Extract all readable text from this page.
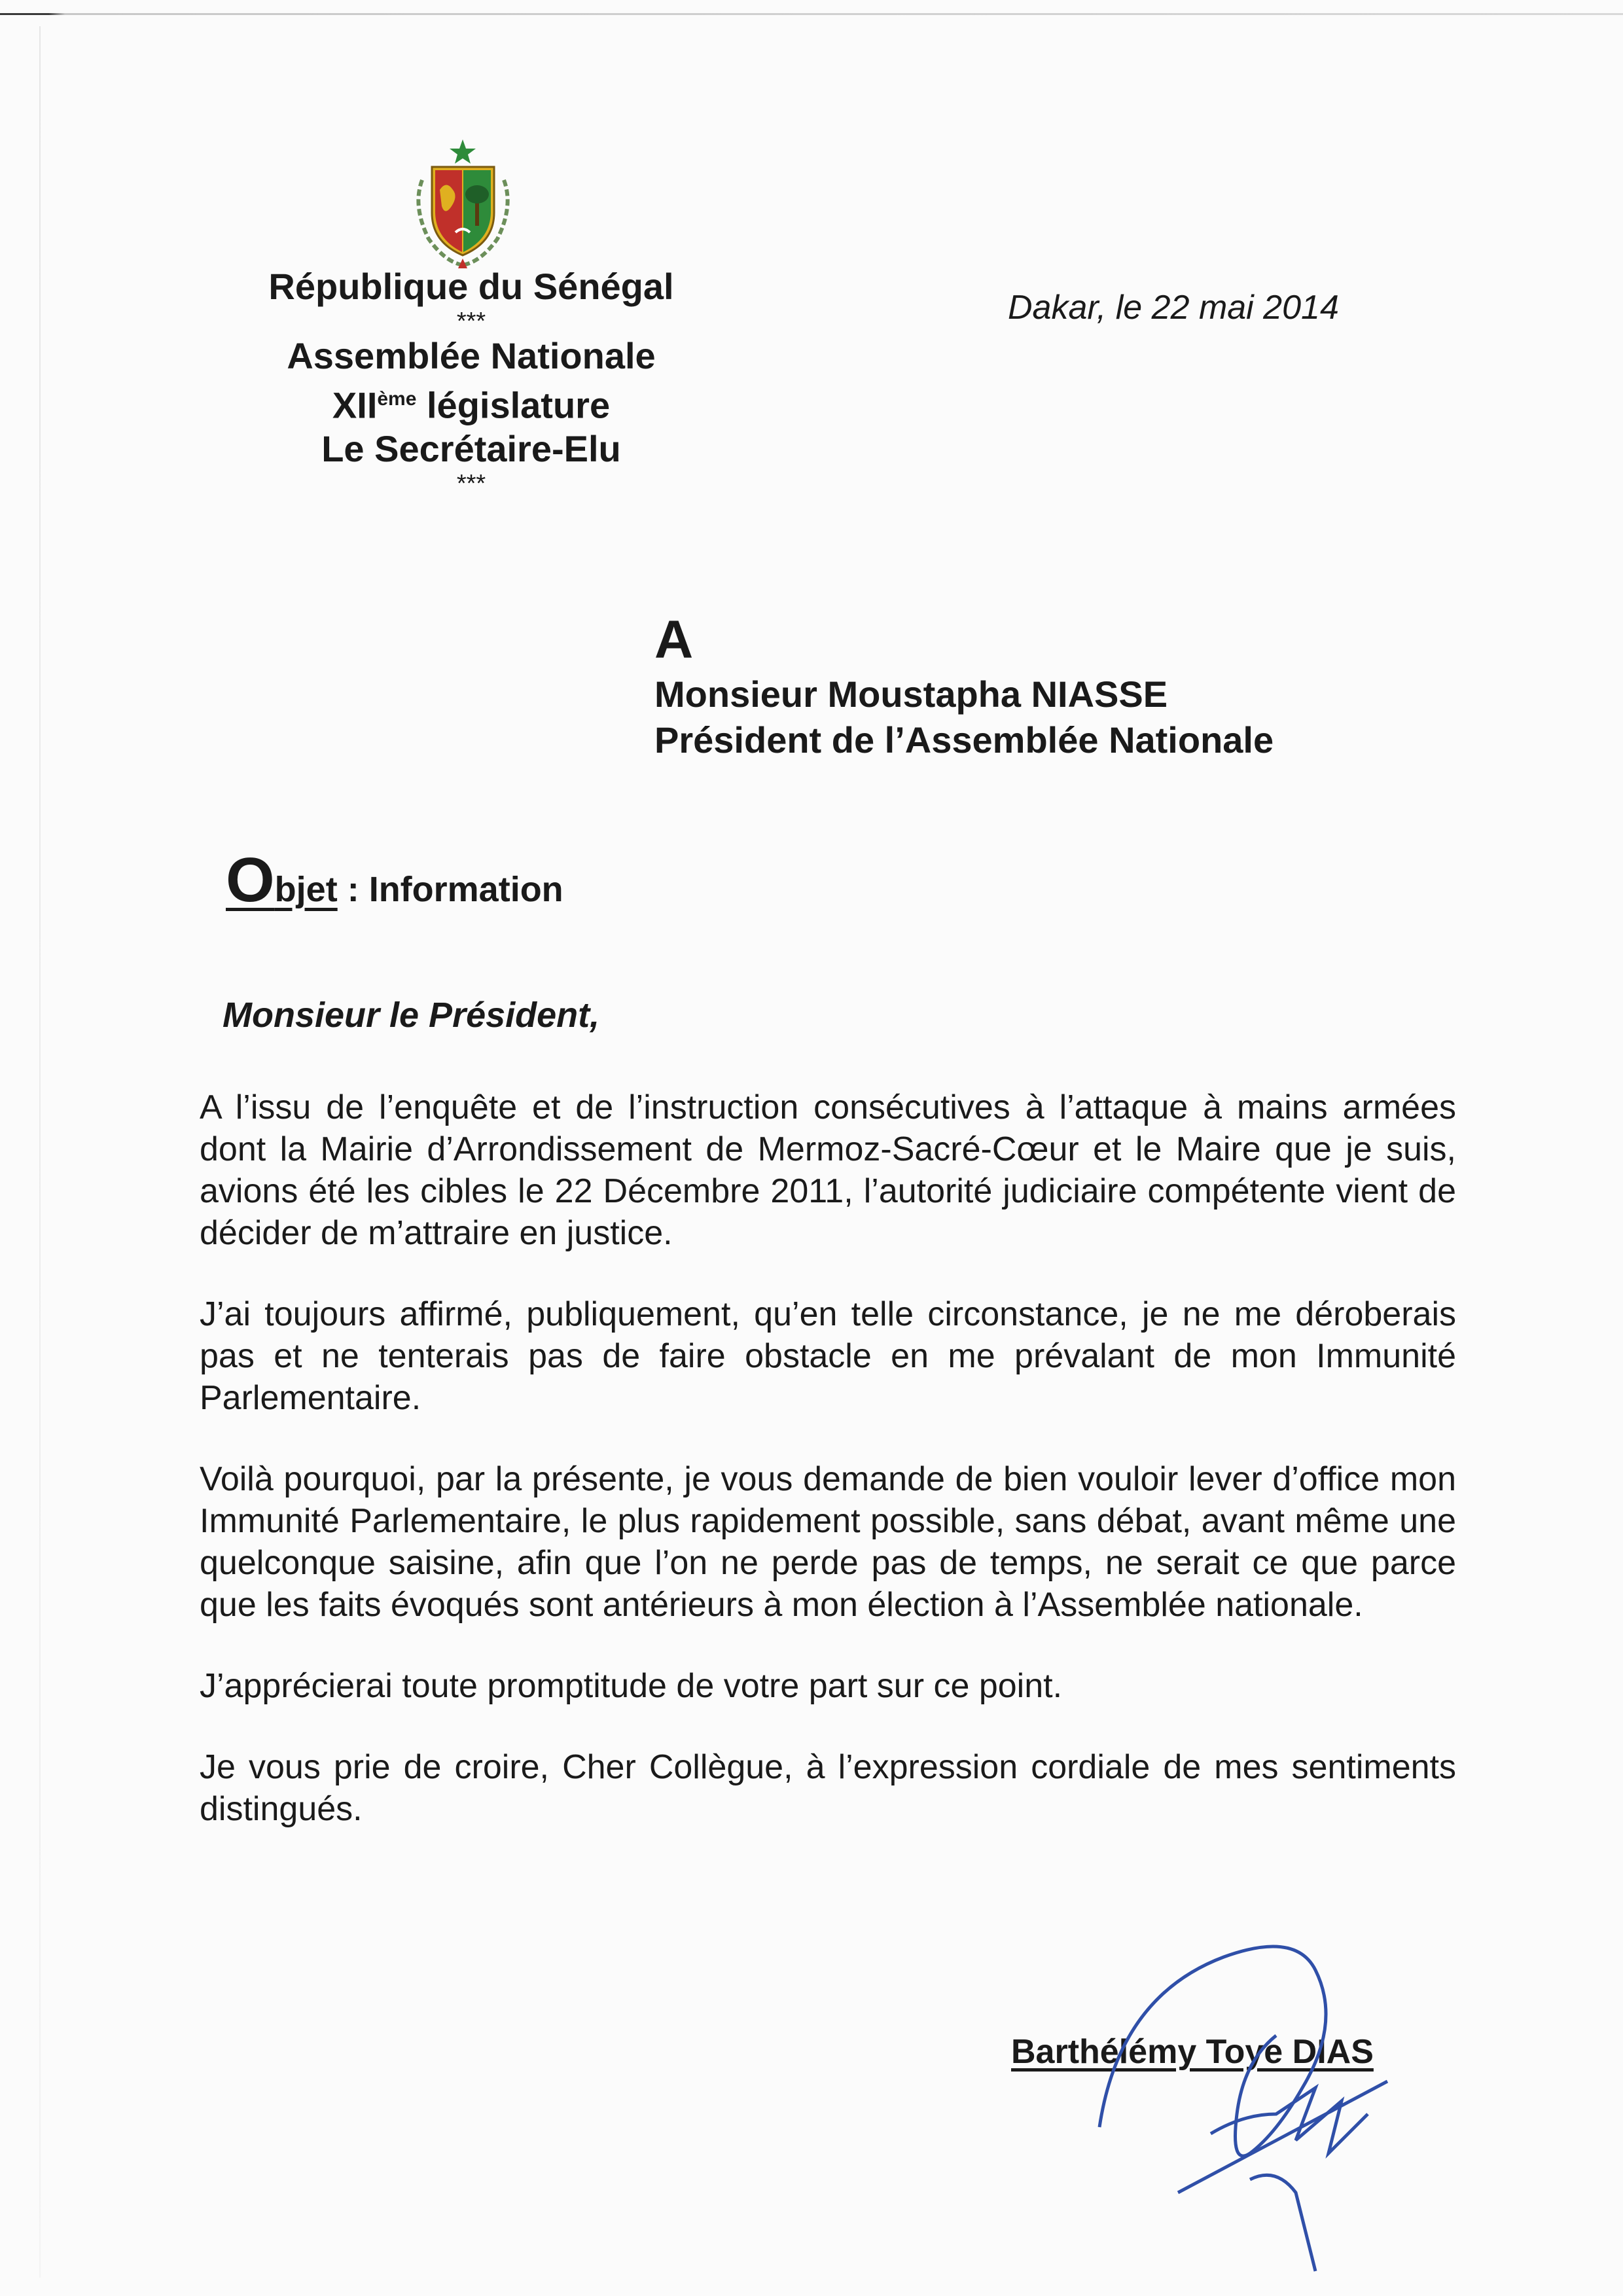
République du Sénégal
***
Assemblée Nationale
XIIème législature
Le Secrétaire-Elu
***
Dakar, le 22 mai 2014
A
Monsieur Moustapha NIASSE
Président de l’Assemblée Nationale
Objet : Information
Monsieur le Président,

A l’issu de l’enquête et de l’instruction consécutives à l’attaque à mains armées dont la Mairie d’Arrondissement de Mermoz-Sacré-Cœur et le Maire que je suis, avions été les cibles le 22 Décembre 2011, l’autorité judiciaire compétente vient de décider de m’attraire en justice.

J’ai toujours affirmé, publiquement, qu’en telle circonstance, je ne me déroberais pas et ne tenterais pas de faire obstacle en me prévalant de mon Immunité Parlementaire.

Voilà pourquoi, par la présente, je vous demande de bien vouloir lever d’office mon Immunité Parlementaire, le plus rapidement possible, sans débat, avant même une quelconque saisine, afin que l’on ne perde pas de temps, ne serait ce que parce que les faits évoqués sont antérieurs à mon élection à l’Assemblée nationale.

J’apprécierai toute promptitude de votre part sur ce point.

Je vous prie de croire, Cher Collègue, à l’expression cordiale de mes sentiments distingués.

Barthélémy Toye DIAS
